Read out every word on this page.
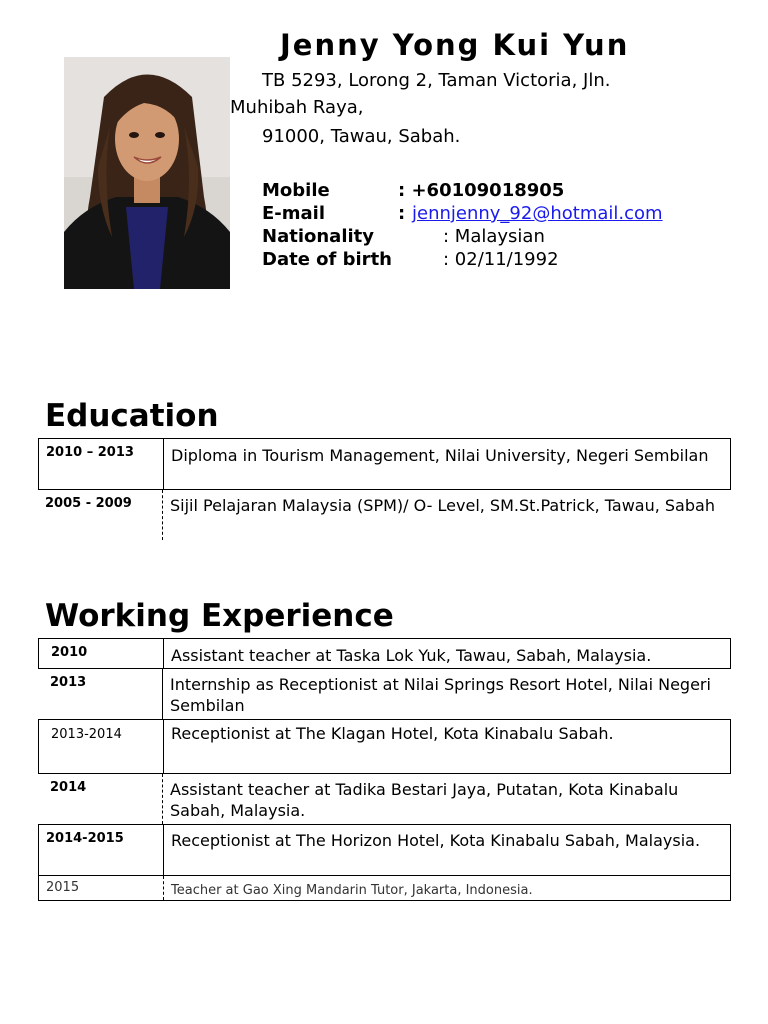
Jenny Yong Kui Yun
TB 5293, Lorong 2, Taman Victoria, Jln.
Muhibah Raya,
91000, Tawau, Sabah.
Mobile	: +60109018905
E-mail	: jennjenny_92@hotmail.com
Nationality	: Malaysian
Date of birth	: 02/11/1992
Education
2010 – 2013 Diploma in Tourism Management, Nilai University, Negeri Sembilan
2005 - 2009 Sijil Pelajaran Malaysia (SPM)/ O- Level, SM.St.Patrick, Tawau, Sabah
Working Experience
2010	Assistant teacher at Taska Lok Yuk, Tawau, Sabah, Malaysia.
2013	Internship as Receptionist at Nilai Springs Resort Hotel, Nilai Negeri Sembilan
2013-2014	Receptionist at The Klagan Hotel, Kota Kinabalu Sabah.
2014	Assistant teacher at Tadika Bestari Jaya, Putatan, Kota Kinabalu Sabah, Malaysia.
2014-2015	Receptionist at The Horizon Hotel, Kota Kinabalu Sabah, Malaysia.
2015	Teacher at Gao Xing Mandarin Tutor, Jakarta, Indonesia.
